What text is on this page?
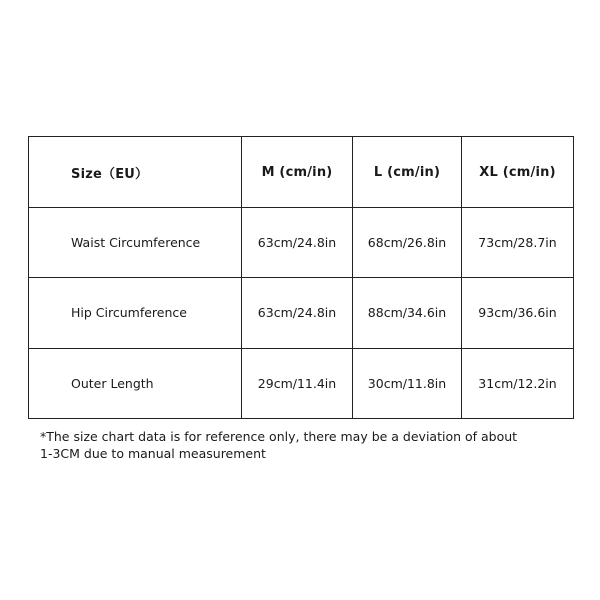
Size（EU）	M (cm/in)	L (cm/in)	XL (cm/in)
Waist Circumference	63cm/24.8in	68cm/26.8in	73cm/28.7in
Hip Circumference	63cm/24.8in	88cm/34.6in	93cm/36.6in
Outer Length	29cm/11.4in	30cm/11.8in	31cm/12.2in

*The size chart data is for reference only, there may be a deviation of about
1-3CM due to manual measurement
